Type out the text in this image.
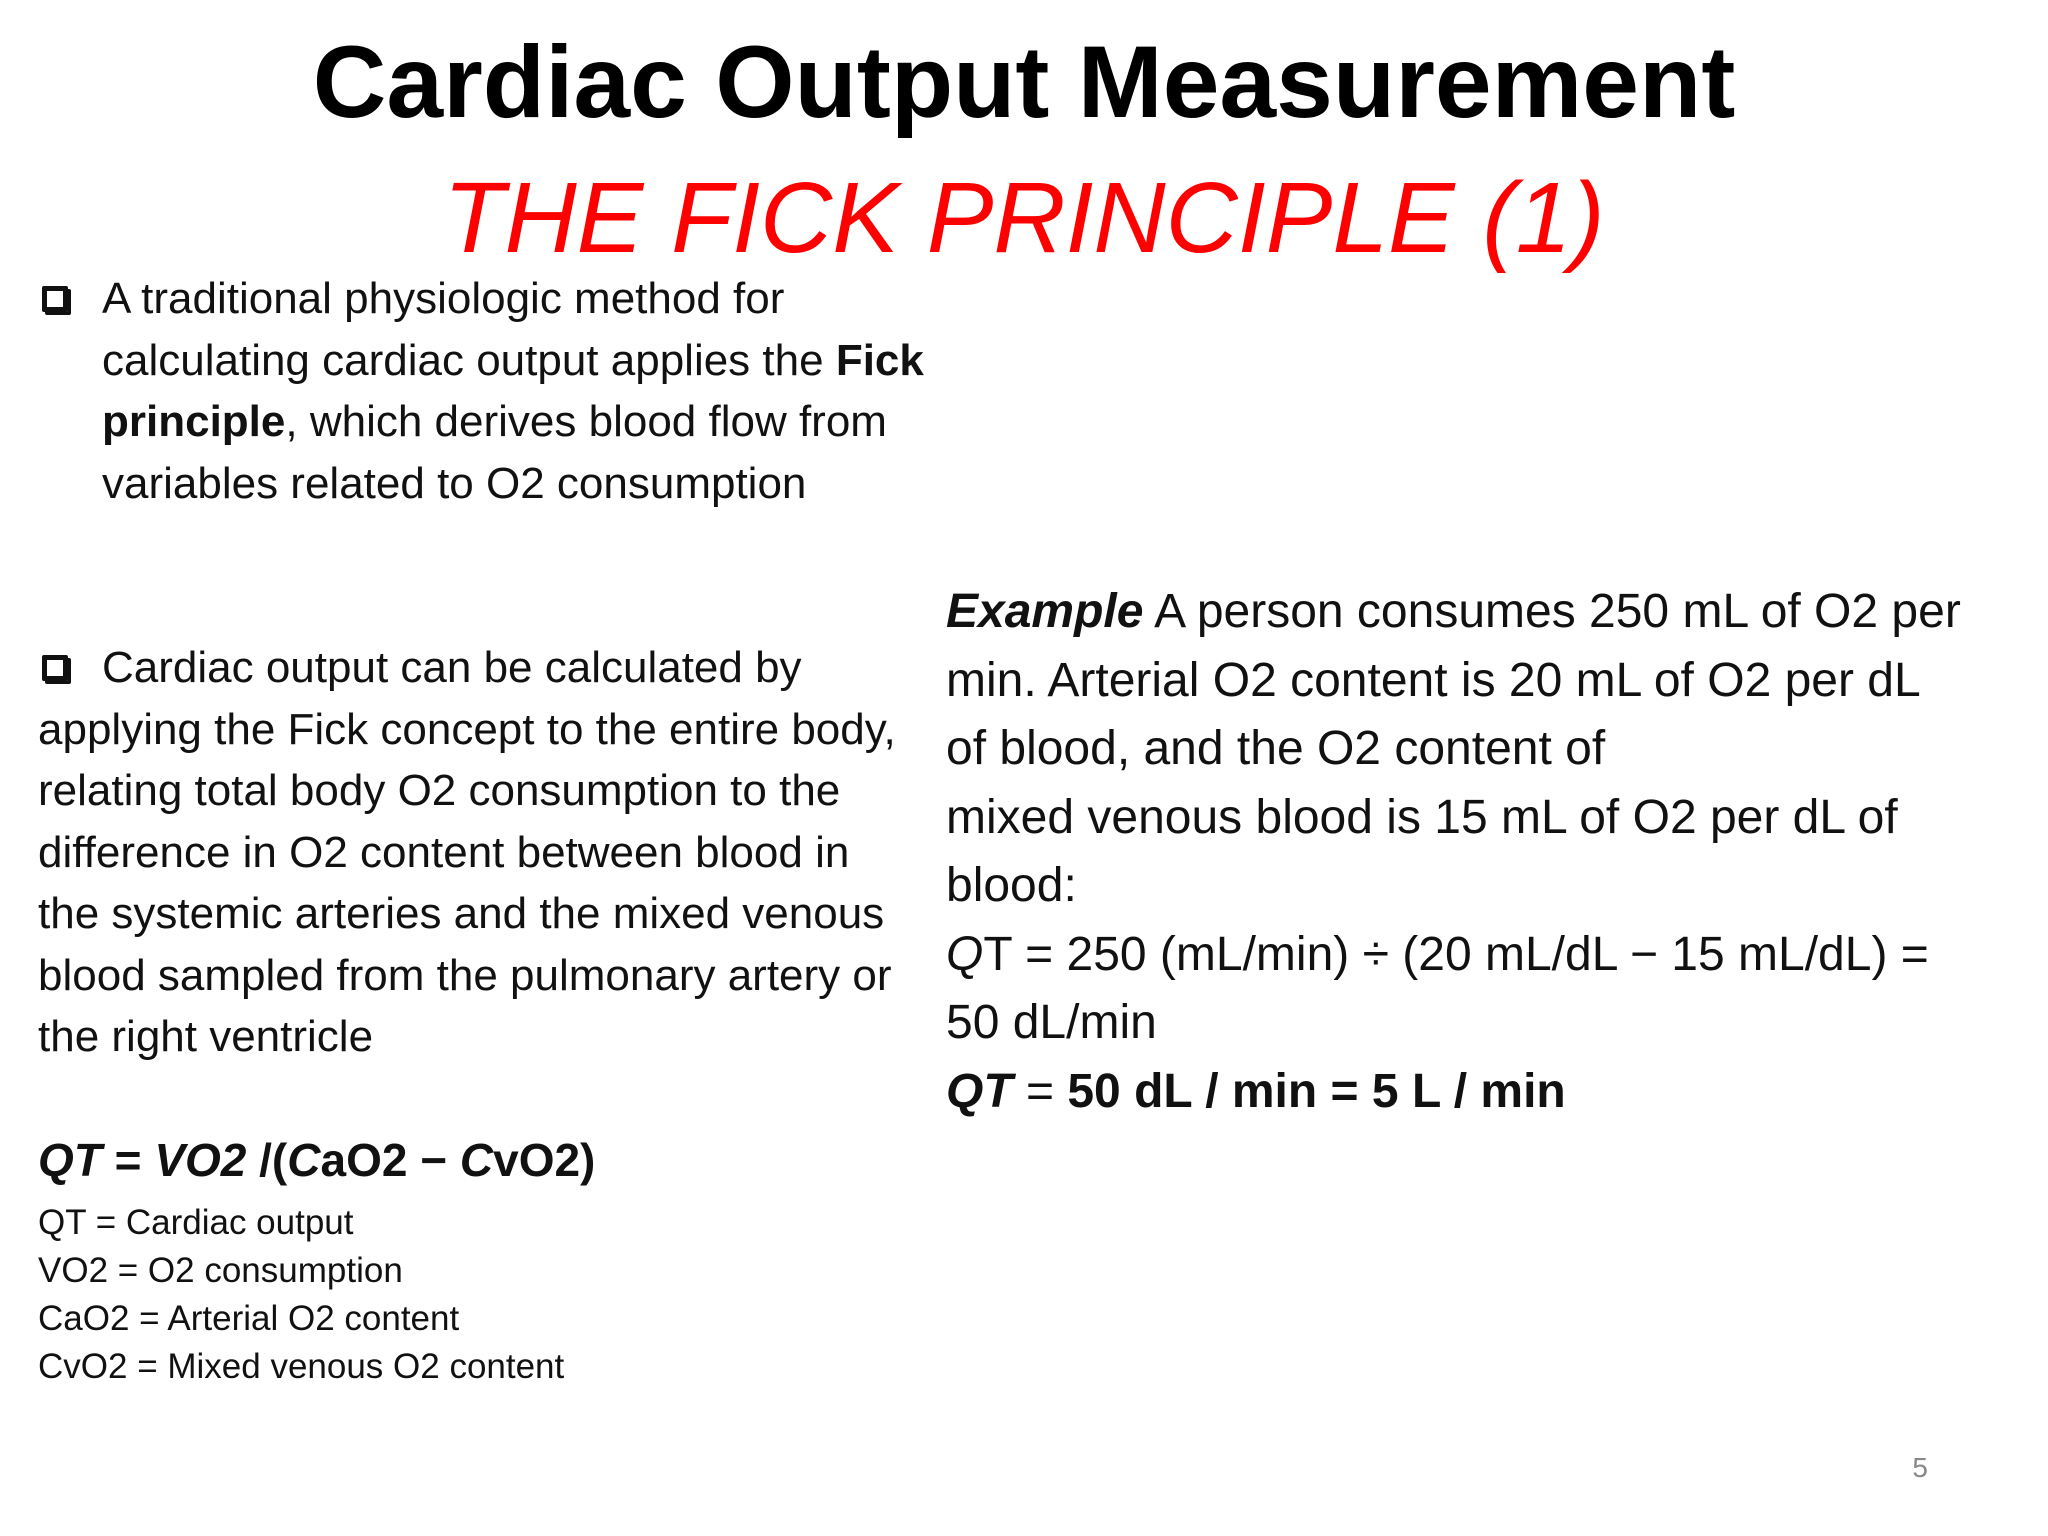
Cardiac Output Measurement
THE FICK PRINCIPLE (1)
A traditional physiologic method for calculating cardiac output applies the Fick principle, which derives blood flow from variables related to O2 consumption
Cardiac output can be calculated by applying the Fick concept to the entire body, relating total body O2 consumption to the difference in O2 content between blood in the systemic arteries and the mixed venous blood sampled from the pulmonary artery or the right ventricle
QT = VO2 /(CaO2 − CvO2)
QT = Cardiac output
VO2 = O2 consumption
CaO2 = Arterial O2 content
CvO2 = Mixed venous O2 content
Example A person consumes 250 mL of O2 per
min. Arterial O2 content is 20 mL of O2 per dL
of blood, and the O2 content of
mixed venous blood is 15 mL of O2 per dL of
blood:
QT = 250 (mL/min) ÷ (20 mL/dL − 15 mL/dL) =
50 dL/min
QT = 50 dL / min = 5 L / min
5
